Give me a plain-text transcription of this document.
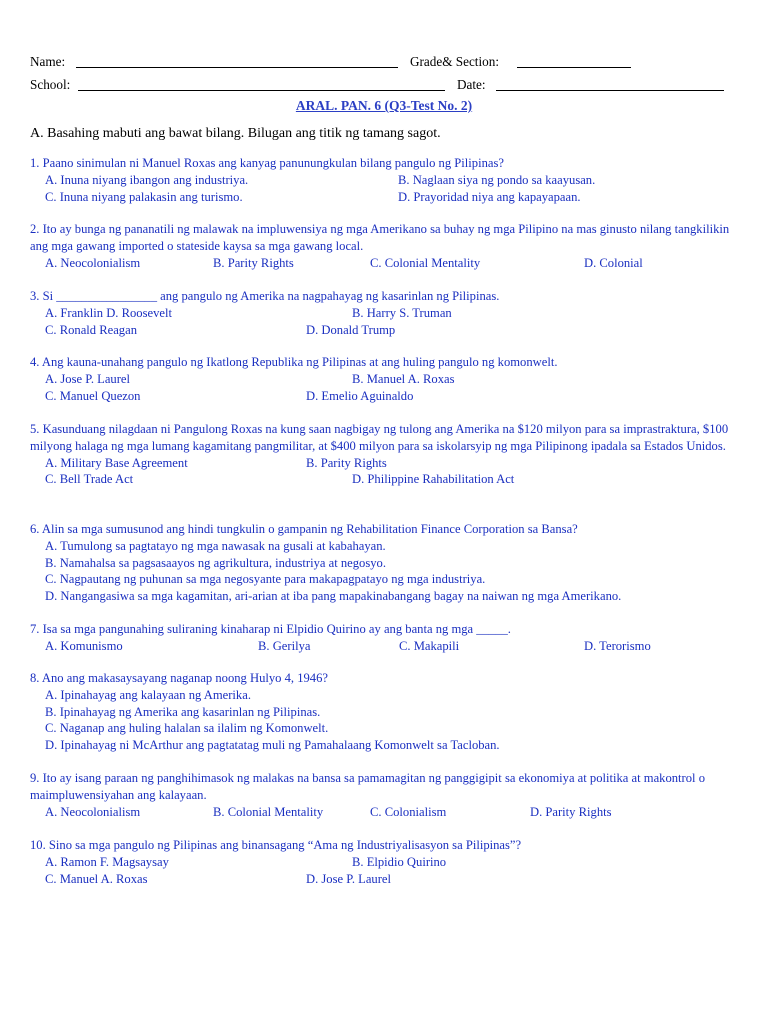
Name:	Grade& Section:
School:	Date:
ARAL. PAN. 6 (Q3-Test No. 2)
A. Basahing mabuti ang bawat bilang. Bilugan ang titik ng tamang sagot.
1. Paano sinimulan ni Manuel Roxas ang kanyag panunungkulan bilang pangulo ng Pilipinas?
A. Inuna niyang ibangon ang industriya.	B. Naglaan siya ng pondo sa kaayusan.
C. Inuna niyang palakasin ang turismo.	D. Prayoridad niya ang kapayapaan.
2. Ito ay bunga ng pananatili ng malawak na impluwensiya ng mga Amerikano sa buhay ng mga Pilipino na mas ginusto nilang tangkilikin ang mga gawang imported o stateside kaysa sa mga gawang local.
A. Neocolonialism	B. Parity Rights	C. Colonial Mentality	D. Colonial
3. Si ________________ ang pangulo ng Amerika na nagpahayag ng kasarinlan ng Pilipinas.
A. Franklin D. Roosevelt	B. Harry S. Truman
C. Ronald Reagan	D. Donald Trump
4. Ang kauna-unahang pangulo ng Ikatlong Republika ng Pilipinas at ang huling pangulo ng komonwelt.
A. Jose P. Laurel	B. Manuel A. Roxas
C. Manuel Quezon	D. Emelio Aguinaldo
5. Kasunduang nilagdaan ni Pangulong Roxas na kung saan nagbigay ng tulong ang Amerika na $120 milyon para sa imprastraktura, $100 milyong halaga ng mga lumang kagamitang pangmilitar, at $400 milyon para sa iskolarsyip ng mga Pilipinong ipadala sa Estados Unidos.
A. Military Base Agreement	B. Parity Rights
C. Bell Trade Act	D. Philippine Rahabilitation Act
6. Alin sa mga sumusunod ang hindi tungkulin o gampanin ng Rehabilitation Finance Corporation sa Bansa?
A. Tumulong sa pagtatayo ng mga nawasak na gusali at kabahayan.
B. Namahalsa sa pagsasaayos ng agrikultura, industriya at negosyo.
C. Nagpautang ng puhunan sa mga negosyante para makapagpatayo ng mga industriya.
D. Nangangasiwa sa mga kagamitan, ari-arian at iba pang mapakinabangang bagay na naiwan ng mga Amerikano.
7. Isa sa mga pangunahing suliraning kinaharap ni Elpidio Quirino ay ang banta ng mga _____.
A. Komunismo	B. Gerilya	C. Makapili	D. Terorismo
8. Ano ang makasaysayang naganap noong Hulyo 4, 1946?
A. Ipinahayag ang kalayaan ng Amerika.
B. Ipinahayag ng Amerika ang kasarinlan ng Pilipinas.
C. Naganap ang huling halalan sa ilalim ng Komonwelt.
D. Ipinahayag ni McArthur ang pagtatatag muli ng Pamahalaang Komonwelt sa Tacloban.
9. Ito ay isang paraan ng panghihimasok ng malakas na bansa sa pamamagitan ng panggigipit sa ekonomiya at politika at makontrol o maimpluwensiyahan ang kalayaan.
A. Neocolonialism	B. Colonial Mentality	C. Colonialism	D. Parity Rights
10. Sino sa mga pangulo ng Pilipinas ang binansagang “Ama ng Industriyalisasyon sa Pilipinas”?
A. Ramon F. Magsaysay	B. Elpidio Quirino
C. Manuel A. Roxas	D. Jose P. Laurel
